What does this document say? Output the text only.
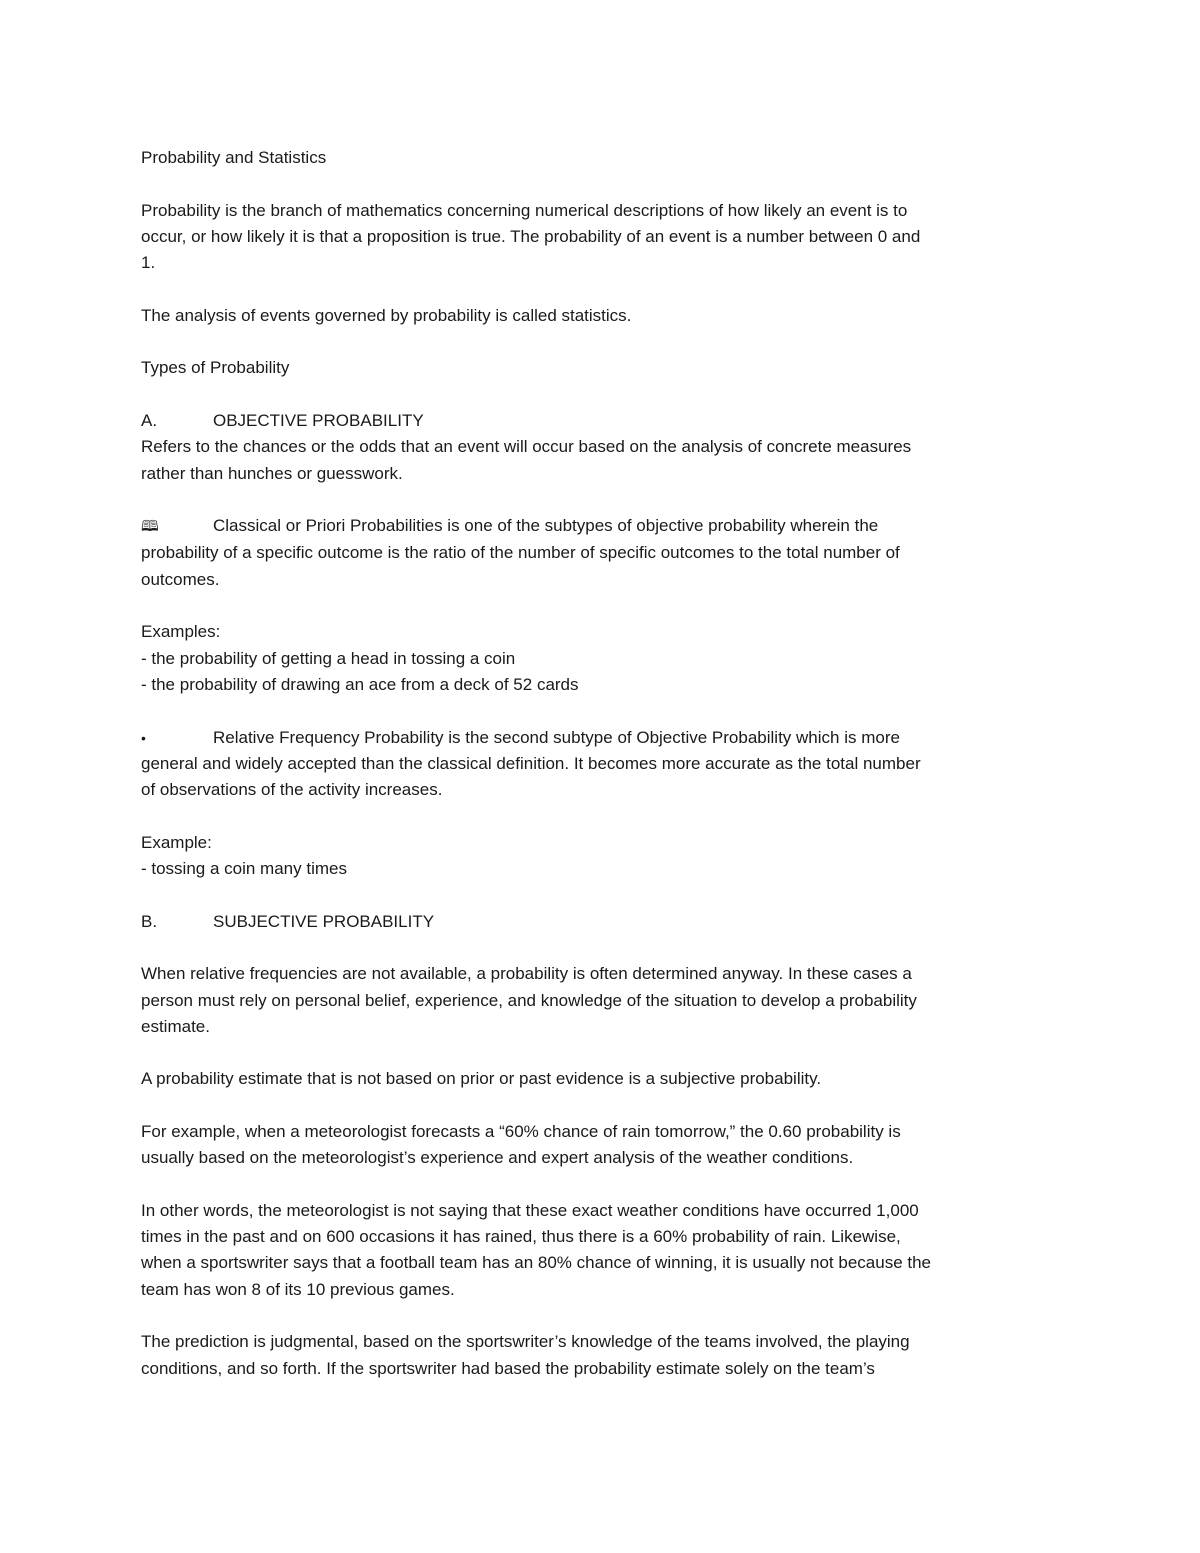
Probability and Statistics

Probability is the branch of mathematics concerning numerical descriptions of how likely an event is to
occur, or how likely it is that a proposition is true. The probability of an event is a number between 0 and
1.

The analysis of events governed by probability is called statistics.

Types of Probability

A.	OBJECTIVE PROBABILITY
Refers to the chances or the odds that an event will occur based on the analysis of concrete measures
rather than hunches or guesswork.
🕮	Classical or Priori Probabilities is one of the subtypes of objective probability wherein the
probability of a specific outcome is the ratio of the number of specific outcomes to the total number of
outcomes.
Examples:
- the probability of getting a head in tossing a coin
- the probability of drawing an ace from a deck of 52 cards
•	Relative Frequency Probability is the second subtype of Objective Probability which is more
general and widely accepted than the classical definition. It becomes more accurate as the total number
of observations of the activity increases.
Example:
- tossing a coin many times
B.	SUBJECTIVE PROBABILITY

When relative frequencies are not available, a probability is often determined anyway. In these cases a
person must rely on personal belief, experience, and knowledge of the situation to develop a probability
estimate.

A probability estimate that is not based on prior or past evidence is a subjective probability.

For example, when a meteorologist forecasts a “60% chance of rain tomorrow,” the 0.60 probability is
usually based on the meteorologist’s experience and expert analysis of the weather conditions.

In other words, the meteorologist is not saying that these exact weather conditions have occurred 1,000
times in the past and on 600 occasions it has rained, thus there is a 60% probability of rain. Likewise,
when a sportswriter says that a football team has an 80% chance of winning, it is usually not because the
team has won 8 of its 10 previous games.

The prediction is judgmental, based on the sportswriter’s knowledge of the teams involved, the playing
conditions, and so forth. If the sportswriter had based the probability estimate solely on the team’s
